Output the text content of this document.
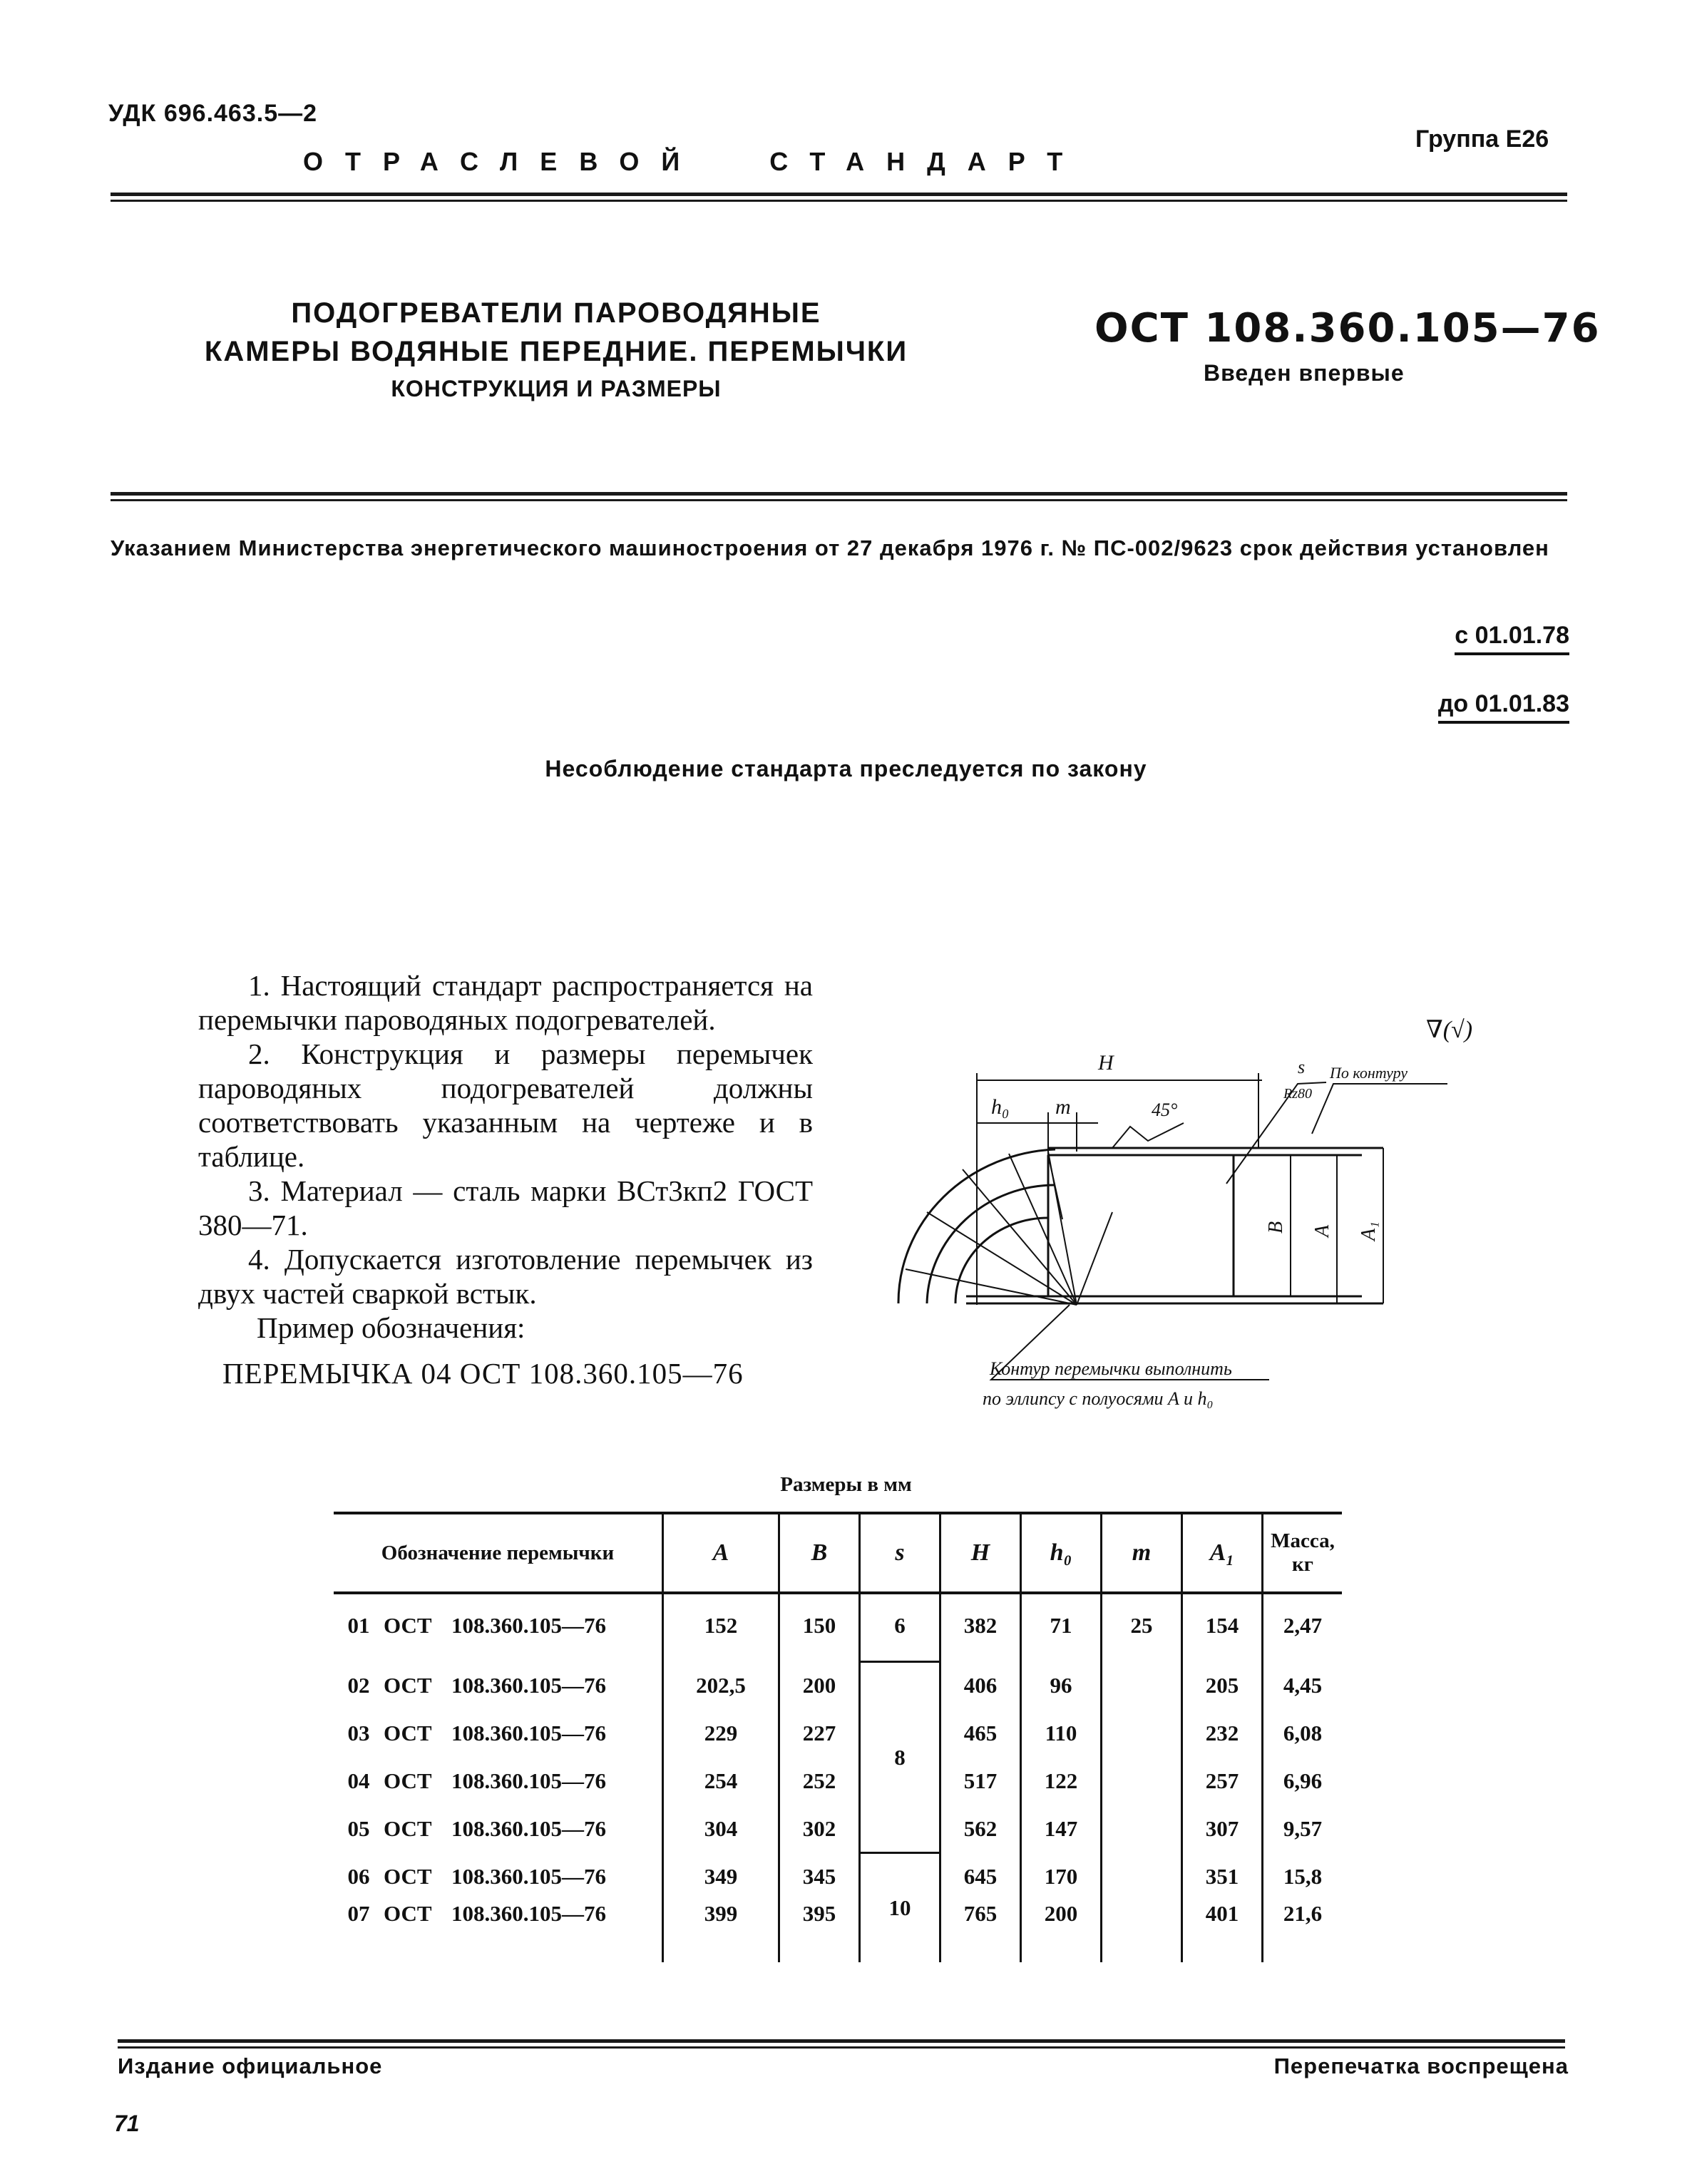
УДК 696.463.5—2
Группа Е26
ОТРАСЛЕВОЙ	СТАНДАРТ
ПОДОГРЕВАТЕЛИ ПАРОВОДЯНЫЕ
КАМЕРЫ ВОДЯНЫЕ ПЕРЕДНИЕ. ПЕРЕМЫЧКИ
КОНСТРУКЦИЯ И РАЗМЕРЫ
ОСТ 108.360.105—76
Введен впервые
Указанием Министерства энергетического машиностроения от 27 декабря 1976 г. № ПС-002/9623 срок действия установлен
с 01.01.78
до 01.01.83
Несоблюдение стандарта преследуется по закону

1. Настоящий стандарт распространяется на перемычки пароводяных подогревателей.

2. Конструкция и размеры перемычек пароводяных подогревателей должны соответствовать указанным на чертеже и в таблице.

3. Материал — сталь марки ВСт3кп2 ГОСТ 380—71.

4. Допускается изготовление перемычек из двух частей сваркой встык.

Пример обозначения:
ПЕРЕМЫЧКА 04 ОСТ 108.360.105—76
∇(√)
H
h₀ m	45°
s
Rz80
По контуру
B A A₁
Контур перемычки выполнить
по эллипсу с полуосями A и h₀
Размеры в мм
Обозначение перемычки	A	B	s	H	h₀	m	A₁	Масса, кг
01 ОСТ 108.360.105—76	152	150	6	382	71	25	154	2,47
02 ОСТ 108.360.105—76	202,5	200	8	406	96		205	4,45
03 ОСТ 108.360.105—76	229	227		465	110		232	6,08
04 ОСТ 108.360.105—76	254	252		517	122		257	6,96
05 ОСТ 108.360.105—76	304	302		562	147		307	9,57
06 ОСТ 108.360.105—76	349	345	10	645	170		351	15,8
07 ОСТ 108.360.105—76	399	395		765	200		401	21,6
Издание официальное	Перепечатка воспрещена
71
